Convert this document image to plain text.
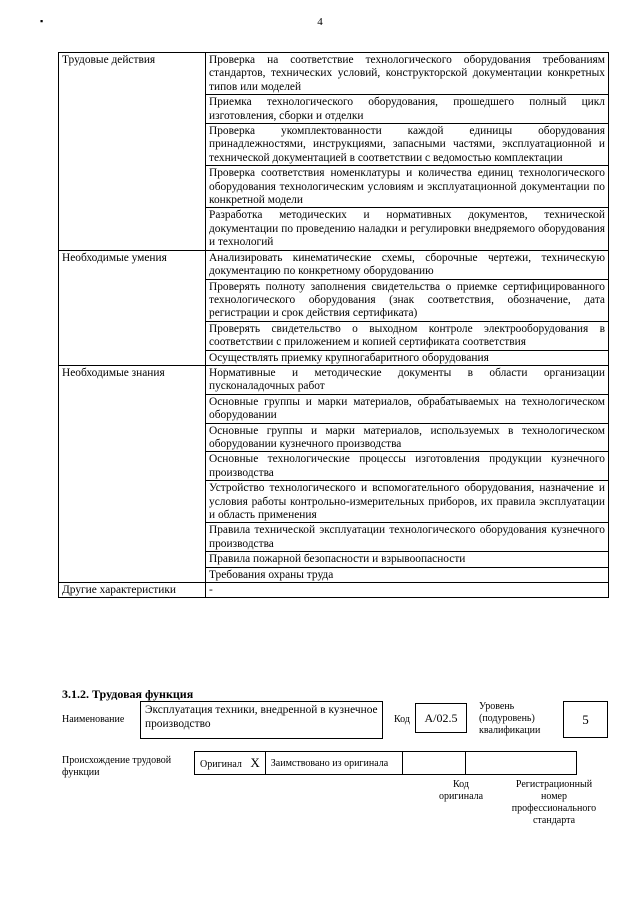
▪	4
Трудовые действия	Проверка на соответствие технологического оборудования требованиям стандартов, технических условий, конструкторской документации конкретных типов или моделей
	Приемка технологического оборудования, прошедшего полный цикл изготовления, сборки и отделки
	Проверка укомплектованности каждой единицы оборудования принадлежностями, инструкциями, запасными частями, эксплуатационной и технической документацией в соответствии с ведомостью комплектации
	Проверка соответствия номенклатуры и количества единиц технологического оборудования технологическим условиям и эксплуатационной документации по конкретной модели
	Разработка методических и нормативных документов, технической документации по проведению наладки и регулировки внедряемого оборудования и технологий
Необходимые умения	Анализировать кинематические схемы, сборочные чертежи, техническую документацию по конкретному оборудованию
	Проверять полноту заполнения свидетельства о приемке сертифицированного технологического оборудования (знак соответствия, обозначение, дата регистрации и срок действия сертификата)
	Проверять свидетельство о выходном контроле электрооборудования в соответствии с приложением и копией сертификата соответствия
	Осуществлять приемку крупногабаритного оборудования
Необходимые знания	Нормативные и методические документы в области организации пусконаладочных работ
	Основные группы и марки материалов, обрабатываемых на технологическом оборудовании
	Основные группы и марки материалов, используемых в технологическом оборудовании кузнечного производства
	Основные технологические процессы изготовления продукции кузнечного производства
	Устройство технологического и вспомогательного оборудования, назначение и условия работы контрольно-измерительных приборов, их правила эксплуатации и область применения
	Правила технической эксплуатации технологического оборудования кузнечного производства
	Правила пожарной безопасности и взрывоопасности
	Требования охраны труда
Другие характеристики	-
3.1.2. Трудовая функция
Наименование
Эксплуатация техники, внедренной в кузнечное производство	Код	А/02.5
Уровень (подуровень) квалификации
5
Происхождение трудовой функции
Оригинал X	Заимствовано из оригинала		
Код оригинала
Регистрационный номер профессионального стандарта
